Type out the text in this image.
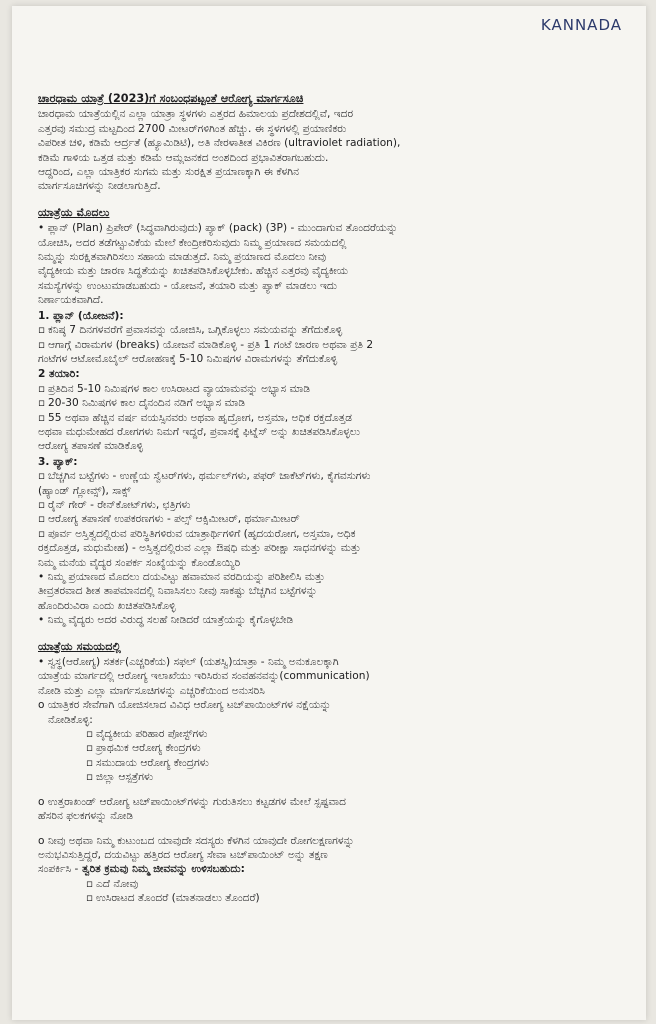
KANNADA

ಚಾರಧಾಮ ಯಾತ್ರೆ (2023)ಗೆ ಸಂಬಂಧಪಟ್ಟಂತೆ ಆರೋಗ್ಯ ಮಾರ್ಗಸೂಚಿ

ಚಾರಧಾಮ ಯಾತ್ರೆಯಲ್ಲಿನ ಎಲ್ಲಾ ಯಾತ್ರಾ ಸ್ಥಳಗಳು ಎತ್ತರದ ಹಿಮಾಲಯ ಪ್ರದೇಶದಲ್ಲಿವೆ, ಇದರ

ಎತ್ತರವು ಸಮುದ್ರ ಮಟ್ಟದಿಂದ 2700 ಮೀಟರ್‌ಗಳಿಗಿಂತ ಹೆಚ್ಚು. ಈ ಸ್ಥಳಗಳಲ್ಲಿ ಪ್ರಯಾಣಿಕರು

ವಿಪರೀತ ಚಳಿ, ಕಡಿಮೆ ಆರ್ದ್ರತೆ (ಹ್ಯೂಮಿಡಿಟಿ), ಅತಿ ನೇರಳಾತೀತ ವಿಕಿರಣ (ultraviolet radiation),

ಕಡಿಮೆ ಗಾಳಿಯ ಒತ್ತಡ ಮತ್ತು ಕಡಿಮೆ ಆಮ್ಲಜನಕದ ಅಂಶದಿಂದ ಪ್ರಭಾವಿತರಾಗಬಹುದು.

ಆದ್ದರಿಂದ, ಎಲ್ಲಾ ಯಾತ್ರಿಕರ ಸುಗಮ ಮತ್ತು ಸುರಕ್ಷಿತ ಪ್ರಯಾಣಕ್ಕಾಗಿ ಈ ಕೆಳಗಿನ

ಮಾರ್ಗಸೂಚಿಗಳನ್ನು ನೀಡಲಾಗುತ್ತಿದೆ.

ಯಾತ್ರೆಯ ಮೊದಲು

• ಪ್ಲಾನ್ (Plan) ಪ್ರಿಪೇರ್ (ಸಿದ್ಧವಾಗಿರುವುದು) ಪ್ಯಾಕ್ (pack) (3P) - ಮುಂದಾಗುವ ತೊಂದರೆಯನ್ನು

ಯೋಚಿಸಿ, ಅದರ ತಡೆಗಟ್ಟುವಿಕೆಯ ಮೇಲೆ ಕೇಂದ್ರೀಕರಿಸುವುದು ನಿಮ್ಮ ಪ್ರಯಾಣದ ಸಮಯದಲ್ಲಿ

ನಿಮ್ಮನ್ನು ಸುರಕ್ಷಿತವಾಗಿರಿಸಲು ಸಹಾಯ ಮಾಡುತ್ತದೆ. ನಿಮ್ಮ ಪ್ರಯಾಣದ ಮೊದಲು ನೀವು

ವೈದ್ಯಕೀಯ ಮತ್ತು ಚಾರಣ ಸಿದ್ಧತೆಯನ್ನು ಖಚಿತಪಡಿಸಿಕೊಳ್ಳಬೇಕು. ಹೆಚ್ಚಿನ ಎತ್ತರವು ವೈದ್ಯಕೀಯ

ಸಮಸ್ಯೆಗಳನ್ನು ಉಂಟುಮಾಡಬಹುದು - ಯೋಜನೆ, ತಯಾರಿ ಮತ್ತು ಪ್ಯಾಕ್ ಮಾಡಲು ಇದು

ನಿರ್ಣಾಯಕವಾಗಿದೆ.

1. ಪ್ಲಾನ್ (ಯೋಜನೆ):

▫ ಕನಿಷ್ಠ 7 ದಿನಗಳವರೆಗೆ ಪ್ರವಾಸವನ್ನು ಯೋಜಿಸಿ, ಒಗ್ಗಿಕೊಳ್ಳಲು ಸಮಯವನ್ನು ತೆಗೆದುಕೊಳ್ಳಿ

▫ ಆಗಾಗ್ಗೆ ವಿರಾಮಗಳ (breaks) ಯೋಜನೆ ಮಾಡಿಕೊಳ್ಳಿ - ಪ್ರತಿ 1 ಗಂಟೆ ಚಾರಣ ಅಥವಾ ಪ್ರತಿ 2

ಗಂಟೆಗಳ ಆಟೋಮೊಬೈಲ್ ಆರೋಹಣಕ್ಕೆ 5-10 ನಿಮಿಷಗಳ ವಿರಾಮಗಳನ್ನು ತೆಗೆದುಕೊಳ್ಳಿ

2 ತಯಾರಿ:

▫ ಪ್ರತಿದಿನ 5-10 ನಿಮಿಷಗಳ ಕಾಲ ಉಸಿರಾಟದ ವ್ಯಾಯಾಮವನ್ನು ಅಭ್ಯಾಸ ಮಾಡಿ

▫ 20-30 ನಿಮಿಷಗಳ ಕಾಲ ದೈನಂದಿನ ನಡಿಗೆ ಅಭ್ಯಾಸ ಮಾಡಿ

▫ 55 ಅಥವಾ ಹೆಚ್ಚಿನ ವರ್ಷ ವಯಸ್ಸಿನವರು ಅಥವಾ ಹೃದ್ರೋಗ, ಅಸ್ತಮಾ, ಅಧಿಕ ರಕ್ತದೊತ್ತಡ

ಅಥವಾ ಮಧುಮೇಹದ ರೋಗಗಳು ನಿಮಗೆ ಇದ್ದರೆ, ಪ್ರವಾಸಕ್ಕೆ ಫಿಟ್ನೆಸ್ ಅನ್ನು ಖಚಿತಪಡಿಸಿಕೊಳ್ಳಲು

ಆರೋಗ್ಯ ತಪಾಸಣೆ ಮಾಡಿಕೊಳ್ಳಿ

3. ಪ್ಯಾಕ್:

▫ ಬೆಚ್ಚಗಿನ ಬಟ್ಟೆಗಳು - ಉಣ್ಣೆಯ ಸ್ವೆಟರ್‌ಗಳು, ಥರ್ಮಲ್‌ಗಳು, ಪಫರ್ ಜಾಕೆಟ್‌ಗಳು, ಕೈಗವಸುಗಳು

(ಹ್ಯಾಂಡ್ ಗ್ಲೋವ್ಸ್), ಸಾಕ್ಸ್

▫ ರೈನ್ ಗೇರ್ - ರೇನ್‌ಕೋಟ್‌ಗಳು, ಛತ್ರಿಗಳು

▫ ಆರೋಗ್ಯ ತಪಾಸಣೆ ಉಪಕರಣಗಳು - ಪಲ್ಸ್ ಆಕ್ಸಿಮೀಟರ್, ಥರ್ಮಾಮೀಟರ್

▫ ಪೂರ್ವ ಅಸ್ತಿತ್ವದಲ್ಲಿರುವ ಪರಿಸ್ಥಿತಿಗಳಿರುವ ಯಾತ್ರಾರ್ಥಿಗಳಿಗೆ (ಹೃದಯರೋಗ, ಅಸ್ತಮಾ, ಅಧಿಕ

ರಕ್ತದೊತ್ತಡ, ಮಧುಮೇಹ) - ಅಸ್ತಿತ್ವದಲ್ಲಿರುವ ಎಲ್ಲಾ ಔಷಧಿ ಮತ್ತು ಪರೀಕ್ಷಾ ಸಾಧನಗಳನ್ನು ಮತ್ತು

ನಿಮ್ಮ ಮನೆಯ ವೈದ್ಯರ ಸಂಪರ್ಕ ಸಂಖ್ಯೆಯನ್ನು ಕೊಂಡೊಯ್ಯಿರಿ

• ನಿಮ್ಮ ಪ್ರಯಾಣದ ಮೊದಲು ದಯವಿಟ್ಟು ಹವಾಮಾನ ವರದಿಯನ್ನು ಪರಿಶೀಲಿಸಿ ಮತ್ತು

ತೀವ್ರತರವಾದ ಶೀತ ತಾಪಮಾನದಲ್ಲಿ ನಿವಾಸಿಸಲು ನೀವು ಸಾಕಷ್ಟು ಬೆಚ್ಚಗಿನ ಬಟ್ಟೆಗಳನ್ನು

ಹೊಂದಿರುವಿರಾ ಎಂದು ಖಚಿತಪಡಿಸಿಕೊಳ್ಳಿ

• ನಿಮ್ಮ ವೈದ್ಯರು ಅದರ ವಿರುದ್ಧ ಸಲಹೆ ನೀಡಿದರೆ ಯಾತ್ರೆಯನ್ನು ಕೈಗೊಳ್ಳಬೇಡಿ

ಯಾತ್ರೆಯ ಸಮಯದಲ್ಲಿ

• ಸ್ವಸ್ಥ(ಆರೋಗ್ಯ) ಸತರ್ಕ(ಎಚ್ಚರಿಕೆಯ) ಸಫಲ್ (ಯಶಸ್ವಿ)ಯಾತ್ರಾ - ನಿಮ್ಮ ಅನುಕೂಲಕ್ಕಾಗಿ

ಯಾತ್ರೆಯ ಮಾರ್ಗದಲ್ಲಿ ಆರೋಗ್ಯ ಇಲಾಖೆಯು ಇರಿಸಿರುವ ಸಂವಹನವನ್ನು(communication)

ನೋಡಿ ಮತ್ತು ಎಲ್ಲಾ ಮಾರ್ಗಸೂಚಿಗಳನ್ನು ಎಚ್ಚರಿಕೆಯಿಂದ ಅನುಸರಿಸಿ

o ಯಾತ್ರಿಕರ ಸೇವೆಗಾಗಿ ಯೋಜಿಸಲಾದ ವಿವಿಧ ಆರೋಗ್ಯ ಟಚ್‌ಪಾಯಿಂಟ್‌ಗಳ ನಕ್ಷೆಯನ್ನು

ನೋಡಿಕೊಳ್ಳಿ:

▫ ವೈದ್ಯಕೀಯ ಪರಿಹಾರ ಪೋಸ್ಟ್‌ಗಳು

▫ ಪ್ರಾಥಮಿಕ ಆರೋಗ್ಯ ಕೇಂದ್ರಗಳು

▫ ಸಮುದಾಯ ಆರೋಗ್ಯ ಕೇಂದ್ರಗಳು

▫ ಜಿಲ್ಲಾ ಆಸ್ಪತ್ರೆಗಳು

o ಉತ್ತರಾಖಂಡ್ ಆರೋಗ್ಯ ಟಚ್‌ಪಾಯಿಂಟ್‌ಗಳನ್ನು ಗುರುತಿಸಲು ಕಟ್ಟಡಗಳ ಮೇಲೆ ಸ್ಪಷ್ಟವಾದ

ಹೆಸರಿನ ಫಲಕಗಳನ್ನು ನೋಡಿ

o ನೀವು ಅಥವಾ ನಿಮ್ಮ ಕುಟುಂಬದ ಯಾವುದೇ ಸದಸ್ಯರು ಕೆಳಗಿನ ಯಾವುದೇ ರೋಗಲಕ್ಷಣಗಳನ್ನು

ಅನುಭವಿಸುತ್ತಿದ್ದರೆ, ದಯವಿಟ್ಟು ಹತ್ತಿರದ ಆರೋಗ್ಯ ಸೇವಾ ಟಚ್‌ಪಾಯಿಂಟ್ ಅನ್ನು ತಕ್ಷಣ

ಸಂಪರ್ಕಿಸಿ - ತ್ವರಿತ ಕ್ರಮವು ನಿಮ್ಮ ಜೀವವನ್ನು ಉಳಿಸಬಹುದು:

▫ ಎದೆ ನೋವು

▫ ಉಸಿರಾಟದ ತೊಂದರೆ (ಮಾತನಾಡಲು ತೊಂದರೆ)
